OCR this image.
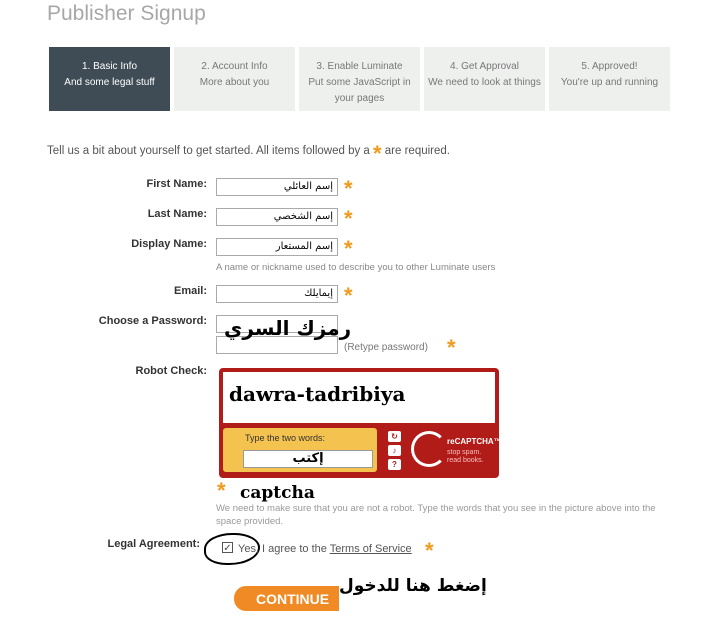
Publisher Signup
1. Basic Info
And some legal stuff
2. Account Info
More about you
3. Enable Luminate
Put some JavaScript in your pages
4. Get Approval
We need to look at things
5. Approved!
You're up and running
Tell us a bit about yourself to get started. All items followed by a * are required.
First Name:	إسم العائلي *
Last Name:	إسم الشخصي *
Display Name:	إسم المستعار *
A name or nickname used to describe you to other Luminate users
Email:	إيمايلك *
Choose a Password: رمزك السري
(Retype password) *
Robot Check:
dawra-tadribiya
Type the two words:
إكتب
↻
♪
?
reCAPTCHA™
stop spam.
read books.
* captcha
We need to make sure that you are not a robot. Type the words that you see in the picture above into the space provided.
Legal Agreement: ✓ Yes, I agree to the Terms of Service *
CONTINUE
إضغط هنا للدخول
